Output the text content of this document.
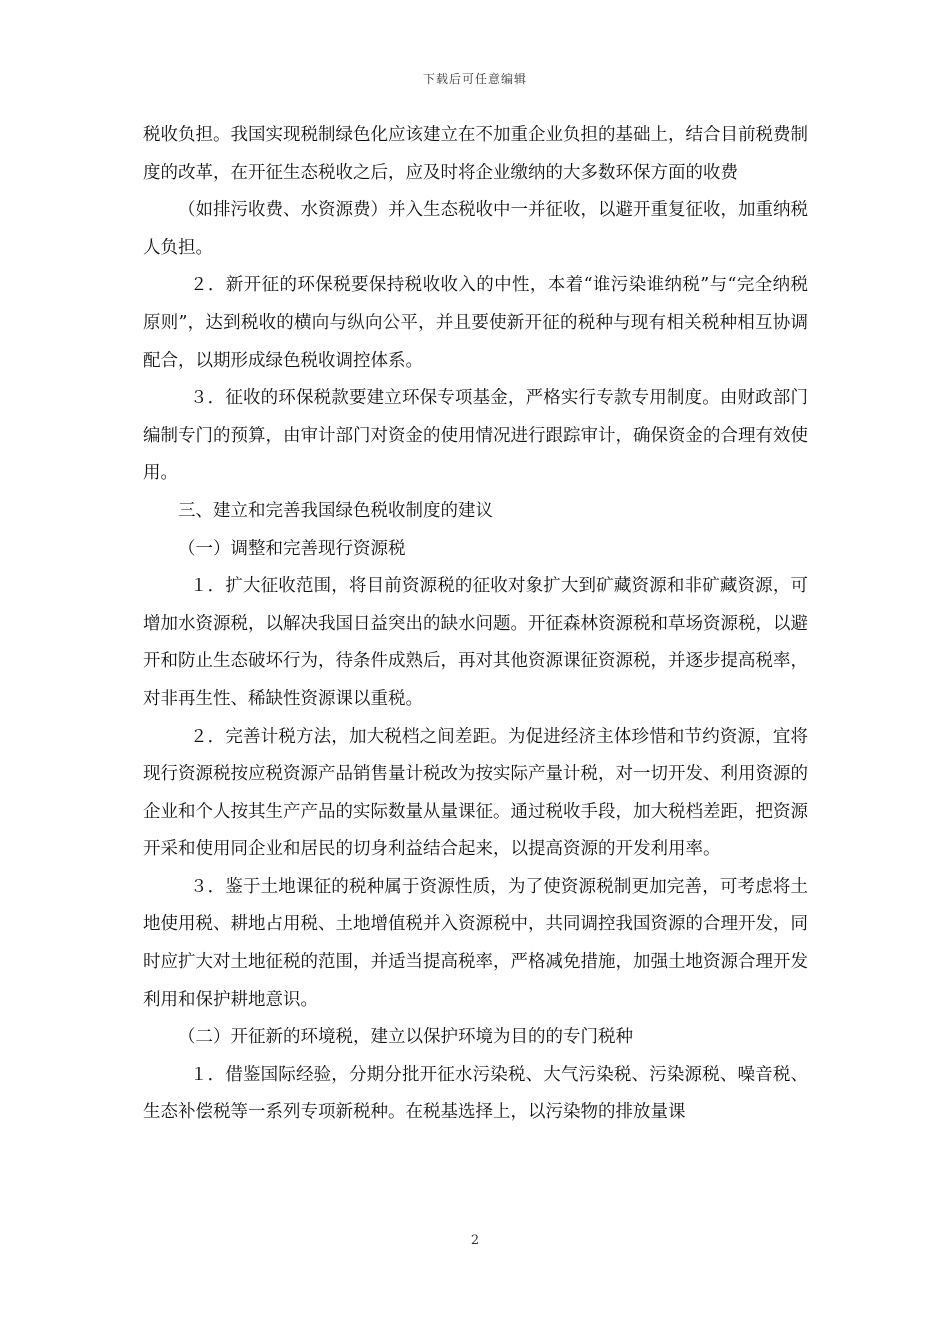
下载后可任意编辑

税收负担。我国实现税制绿色化应该建立在不加重企业负担的基础上，结合目前税费制度的改革，在开征生态税收之后，应及时将企业缴纳的大多数环保方面的收费

（如排污收费、水资源费）并入生态税收中一并征收，以避开重复征收，加重纳税人负担。

２．新开征的环保税要保持税收收入的中性，本着“谁污染谁纳税”与“完全纳税原则”，达到税收的横向与纵向公平，并且要使新开征的税种与现有相关税种相互协调配合，以期形成绿色税收调控体系。

３．征收的环保税款要建立环保专项基金，严格实行专款专用制度。由财政部门编制专门的预算，由审计部门对资金的使用情况进行跟踪审计，确保资金的合理有效使用。

三、建立和完善我国绿色税收制度的建议

（一）调整和完善现行资源税

１．扩大征收范围，将目前资源税的征收对象扩大到矿藏资源和非矿藏资源，可增加水资源税，以解决我国日益突出的缺水问题。开征森林资源税和草场资源税，以避开和防止生态破坏行为，待条件成熟后，再对其他资源课征资源税，并逐步提高税率，对非再生性、稀缺性资源课以重税。

２．完善计税方法，加大税档之间差距。为促进经济主体珍惜和节约资源，宜将现行资源税按应税资源产品销售量计税改为按实际产量计税，对一切开发、利用资源的企业和个人按其生产产品的实际数量从量课征。通过税收手段，加大税档差距，把资源开采和使用同企业和居民的切身利益结合起来，以提高资源的开发利用率。

３．鉴于土地课征的税种属于资源性质，为了使资源税制更加完善，可考虑将土地使用税、耕地占用税、土地增值税并入资源税中，共同调控我国资源的合理开发，同时应扩大对土地征税的范围，并适当提高税率，严格减免措施，加强土地资源合理开发利用和保护耕地意识。

（二）开征新的环境税，建立以保护环境为目的的专门税种

１．借鉴国际经验，分期分批开征水污染税、大气污染税、污染源税、噪音税、生态补偿税等一系列专项新税种。在税基选择上，以污染物的排放量课

2
